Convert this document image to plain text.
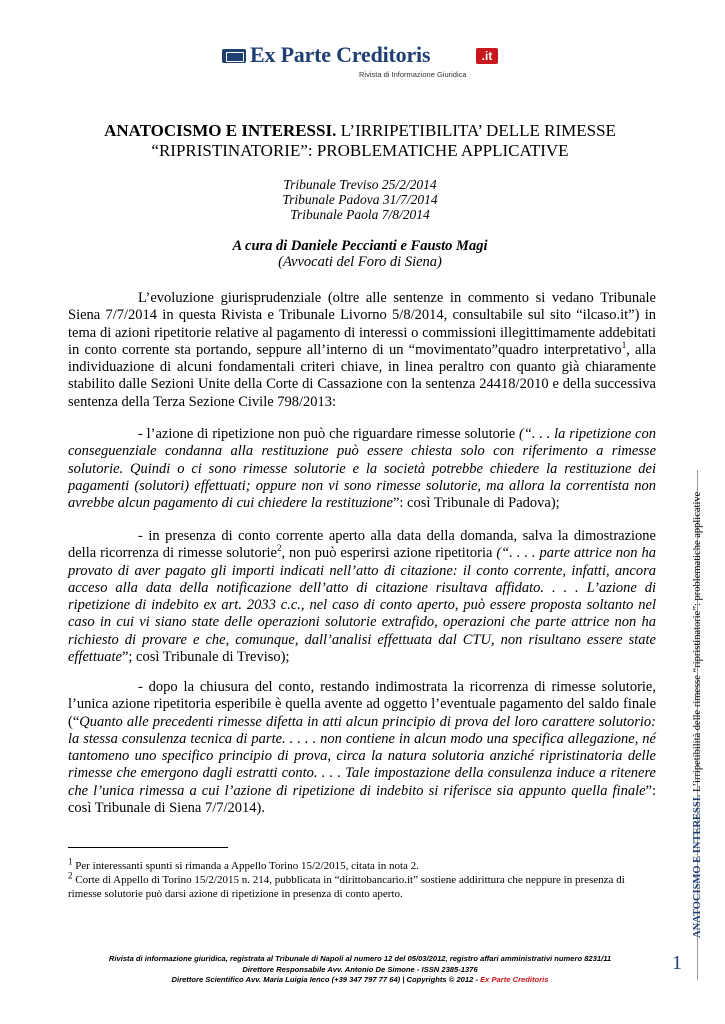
Ex Parte Creditoris	.it
Rivista di Informazione Giuridica
ANATOCISMO E INTERESSI. L’IRRIPETIBILITA’ DELLE RIMESSE
“RIPRISTINATORIE”: PROBLEMATICHE APPLICATIVE
Tribunale Treviso 25/2/2014
Tribunale Padova 31/7/2014
Tribunale Paola 7/8/2014
A cura di Daniele Peccianti e Fausto Magi
(Avvocati del Foro di Siena)
L’evoluzione giurisprudenziale (oltre alle sentenze in commento si vedano Tribunale Siena 7/7/2014 in questa Rivista e Tribunale Livorno 5/8/2014, consultabile sul sito “ilcaso.it”) in tema di azioni ripetitorie relative al pagamento di interessi o commissioni illegittimamente addebitati in conto corrente sta portando, seppure all’interno di un “movimentato”quadro interpretativo$^1$, alla individuazione di alcuni fondamentali criteri chiave, in linea peraltro con quanto già chiaramente stabilito dalle Sezioni Unite della Corte di Cassazione con la sentenza 24418/2010 e della successiva sentenza della Terza Sezione Civile 798/2013:
- l’azione di ripetizione non può che riguardare rimesse solutorie (“. . . la ripetizione con conseguenziale condanna alla restituzione può essere chiesta solo con riferimento a rimesse solutorie. Quindi o ci sono rimesse solutorie e la società potrebbe chiedere la restituzione dei pagamenti (solutori) effettuati; oppure non vi sono rimesse solutorie, ma allora la correntista non avrebbe alcun pagamento di cui chiedere la restituzione”: così Tribunale di Padova);
- in presenza di conto corrente aperto alla data della domanda, salva la dimostrazione della ricorrenza di rimesse solutorie$^2$, non può esperirsi azione ripetitoria (“. . . . parte attrice non ha provato di aver pagato gli importi indicati nell’atto di citazione: il conto corrente, infatti, ancora acceso alla data della notificazione dell’atto di citazione risultava affidato. . . . L’azione di ripetizione di indebito ex art. 2033 c.c., nel caso di conto aperto, può essere proposta soltanto nel caso in cui vi siano state delle operazioni solutorie extrafido, operazioni che parte attrice non ha richiesto di provare e che, comunque, dall’analisi effettuata dal CTU, non risultano essere state effettuate”; così Tribunale di Treviso);
- dopo la chiusura del conto, restando indimostrata la ricorrenza di rimesse solutorie, l’unica azione ripetitoria esperibile è quella avente ad oggetto l’eventuale pagamento del saldo finale (“Quanto alle precedenti rimesse difetta in atti alcun principio di prova del loro carattere solutorio: la stessa consulenza tecnica di parte. . . . . non contiene in alcun modo una specifica allegazione, né tantomeno uno specifico principio di prova, circa la natura solutoria anziché ripristinatoria delle rimesse che emergono dagli estratti conto. . . . Tale impostazione della consulenza induce a ritenere che l’unica rimessa a cui l’azione di ripetizione di indebito si riferisce sia appunto quella finale”: così Tribunale di Siena 7/7/2014).

$^1$ Per interessanti spunti si rimanda a Appello Torino 15/2/2015, citata in nota 2.

$^2$ Corte di Appello di Torino 15/2/2015 n. 214, pubblicata in “dirittobancario.it” sostiene addirittura che neppure in presenza di rimesse solutorie può darsi azione di ripetizione in presenza di conto aperto.	ANATOCISMO E INTERESSI. L’irripetibilità delle rimesse “ripristinatorie”: problematiche applicative
1
Rivista di informazione giuridica, registrata al Tribunale di Napoli al numero 12 del 05/03/2012, registro affari amministrativi numero 8231/11
Direttore Responsabile Avv. Antonio De Simone - ISSN 2385-1376
Direttore Scientifico Avv. Maria Luigia Ienco (+39 347 797 77 64) | Copyrights © 2012 - Ex Parte Creditoris
